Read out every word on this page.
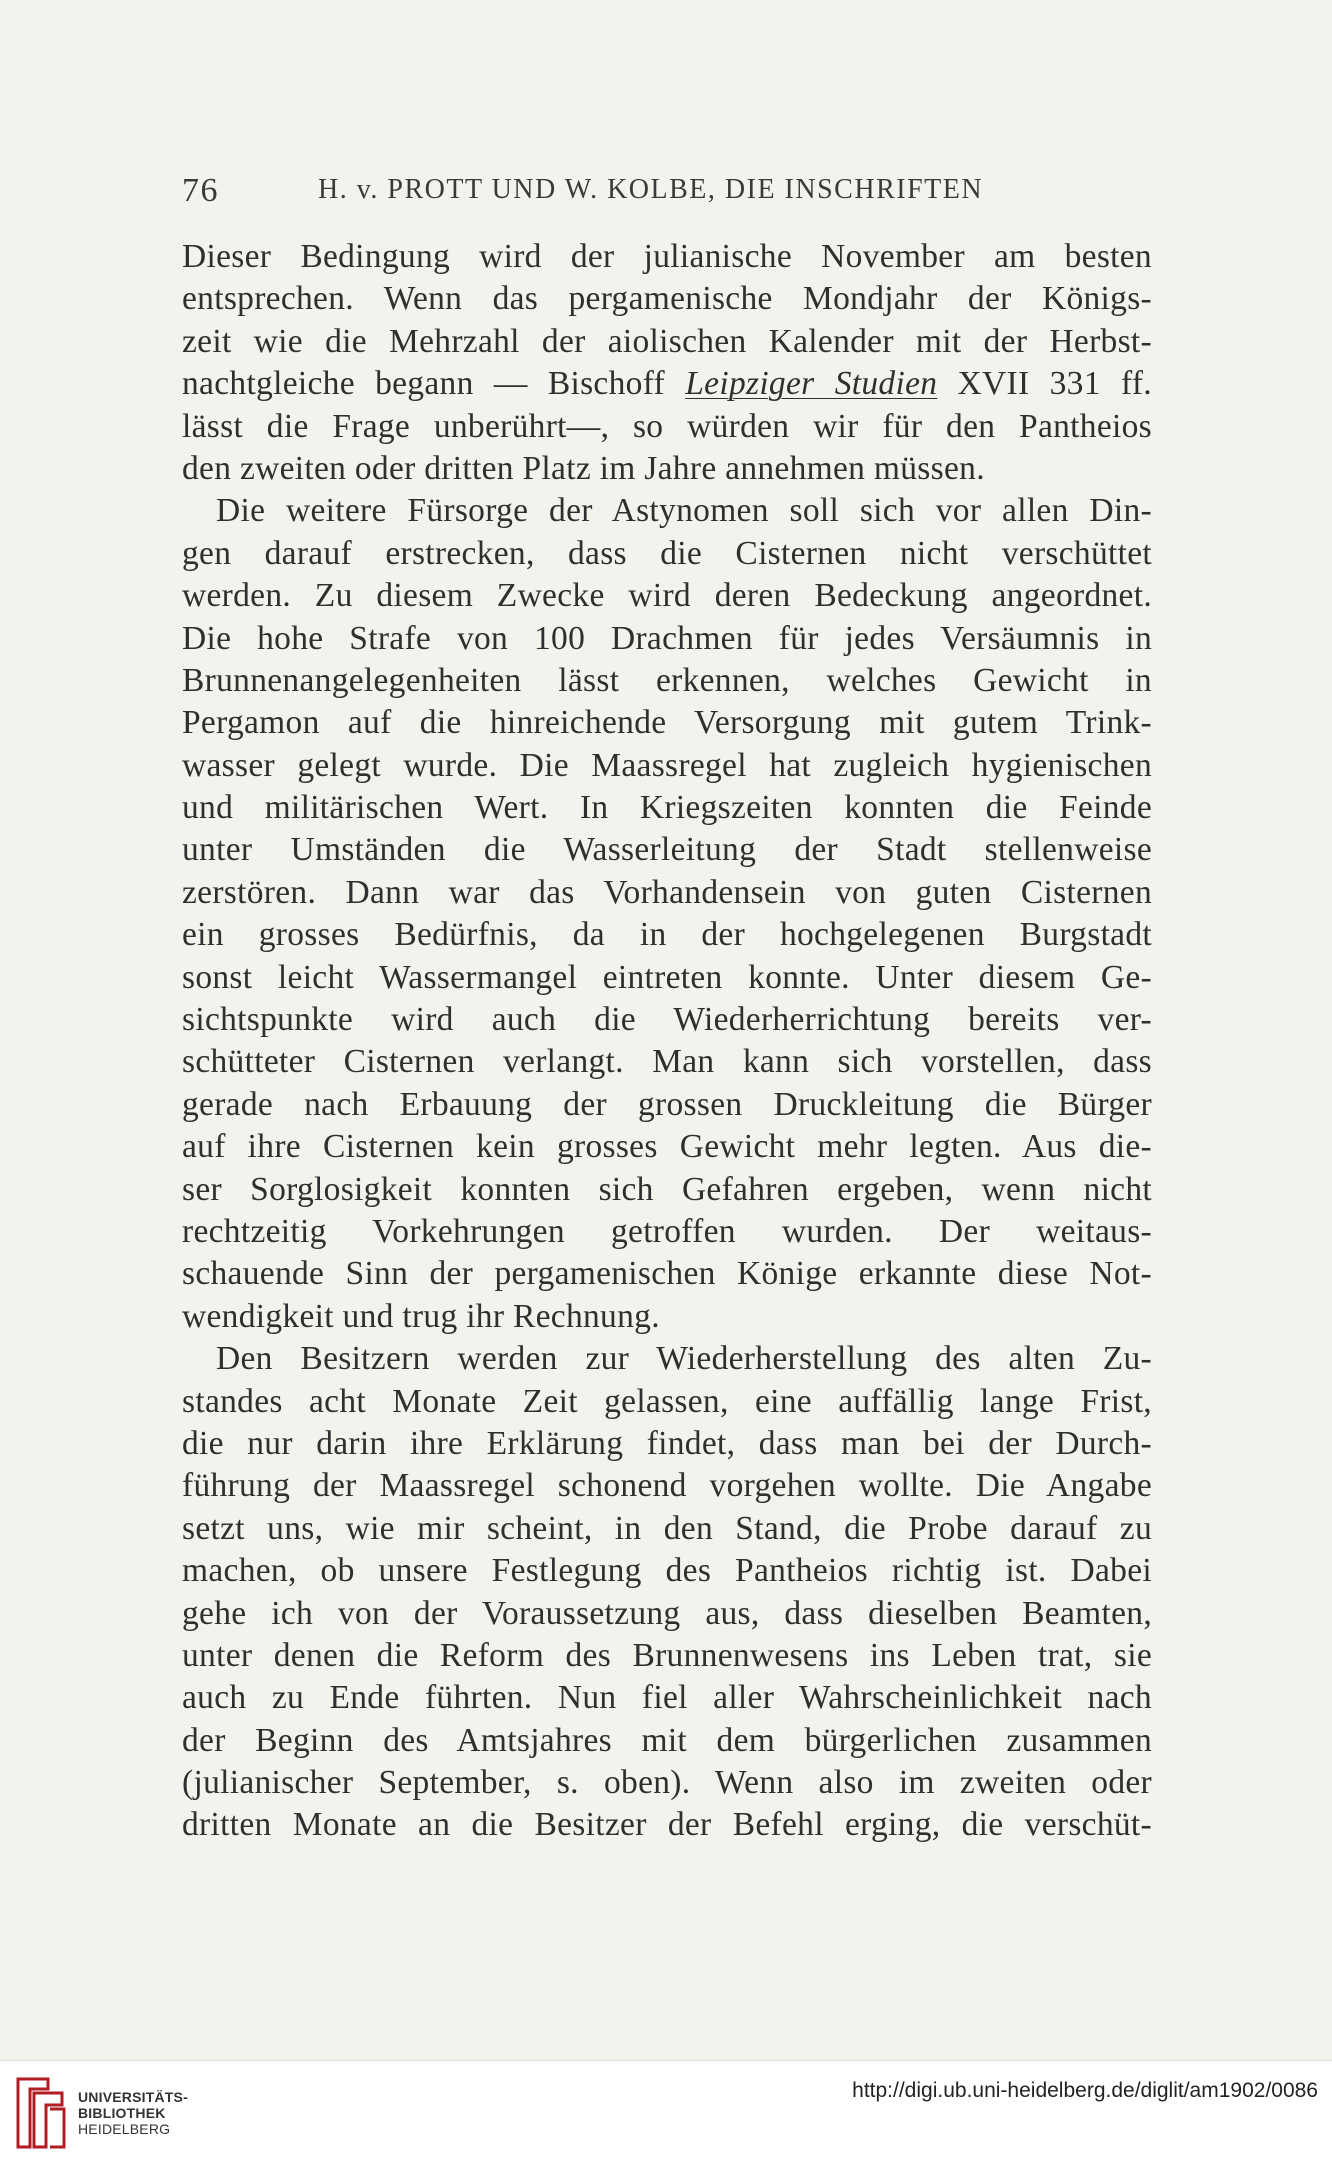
76	H. v. PROTT UND W. KOLBE, DIE INSCHRIFTEN
Dieser Bedingung wird der julianische November am besten
entsprechen. Wenn das pergamenische Mondjahr der Königs-
zeit wie die Mehrzahl der aiolischen Kalender mit der Herbst-
nachtgleiche begann — Bischoff Leipziger Studien XVII 331 ff.
lässt die Frage unberührt—, so würden wir für den Pantheios
den zweiten oder dritten Platz im Jahre annehmen müssen.
Die weitere Fürsorge der Astynomen soll sich vor allen Din-
gen darauf erstrecken, dass die Cisternen nicht verschüttet
werden. Zu diesem Zwecke wird deren Bedeckung angeordnet.
Die hohe Strafe von 100 Drachmen für jedes Versäumnis in
Brunnenangelegenheiten lässt erkennen, welches Gewicht in
Pergamon auf die hinreichende Versorgung mit gutem Trink-
wasser gelegt wurde. Die Maassregel hat zugleich hygienischen
und militärischen Wert. In Kriegszeiten konnten die Feinde
unter Umständen die Wasserleitung der Stadt stellenweise
zerstören. Dann war das Vorhandensein von guten Cisternen
ein grosses Bedürfnis, da in der hochgelegenen Burgstadt
sonst leicht Wassermangel eintreten konnte. Unter diesem Ge-
sichtspunkte wird auch die Wiederherrichtung bereits ver-
schütteter Cisternen verlangt. Man kann sich vorstellen, dass
gerade nach Erbauung der grossen Druckleitung die Bürger
auf ihre Cisternen kein grosses Gewicht mehr legten. Aus die-
ser Sorglosigkeit konnten sich Gefahren ergeben, wenn nicht
rechtzeitig Vorkehrungen getroffen wurden. Der weitaus-
schauende Sinn der pergamenischen Könige erkannte diese Not-
wendigkeit und trug ihr Rechnung.
Den Besitzern werden zur Wiederherstellung des alten Zu-
standes acht Monate Zeit gelassen, eine auffällig lange Frist,
die nur darin ihre Erklärung findet, dass man bei der Durch-
führung der Maassregel schonend vorgehen wollte. Die Angabe
setzt uns, wie mir scheint, in den Stand, die Probe darauf zu
machen, ob unsere Festlegung des Pantheios richtig ist. Dabei
gehe ich von der Voraussetzung aus, dass dieselben Beamten,
unter denen die Reform des Brunnenwesens ins Leben trat, sie
auch zu Ende führten. Nun fiel aller Wahrscheinlichkeit nach
der Beginn des Amtsjahres mit dem bürgerlichen zusammen
(julianischer September, s. oben). Wenn also im zweiten oder
dritten Monate an die Besitzer der Befehl erging, die verschüt-
UNIVERSITÄTS-
BIBLIOTHEK
HEIDELBERG
http://digi.ub.uni-heidelberg.de/diglit/am1902/0086
